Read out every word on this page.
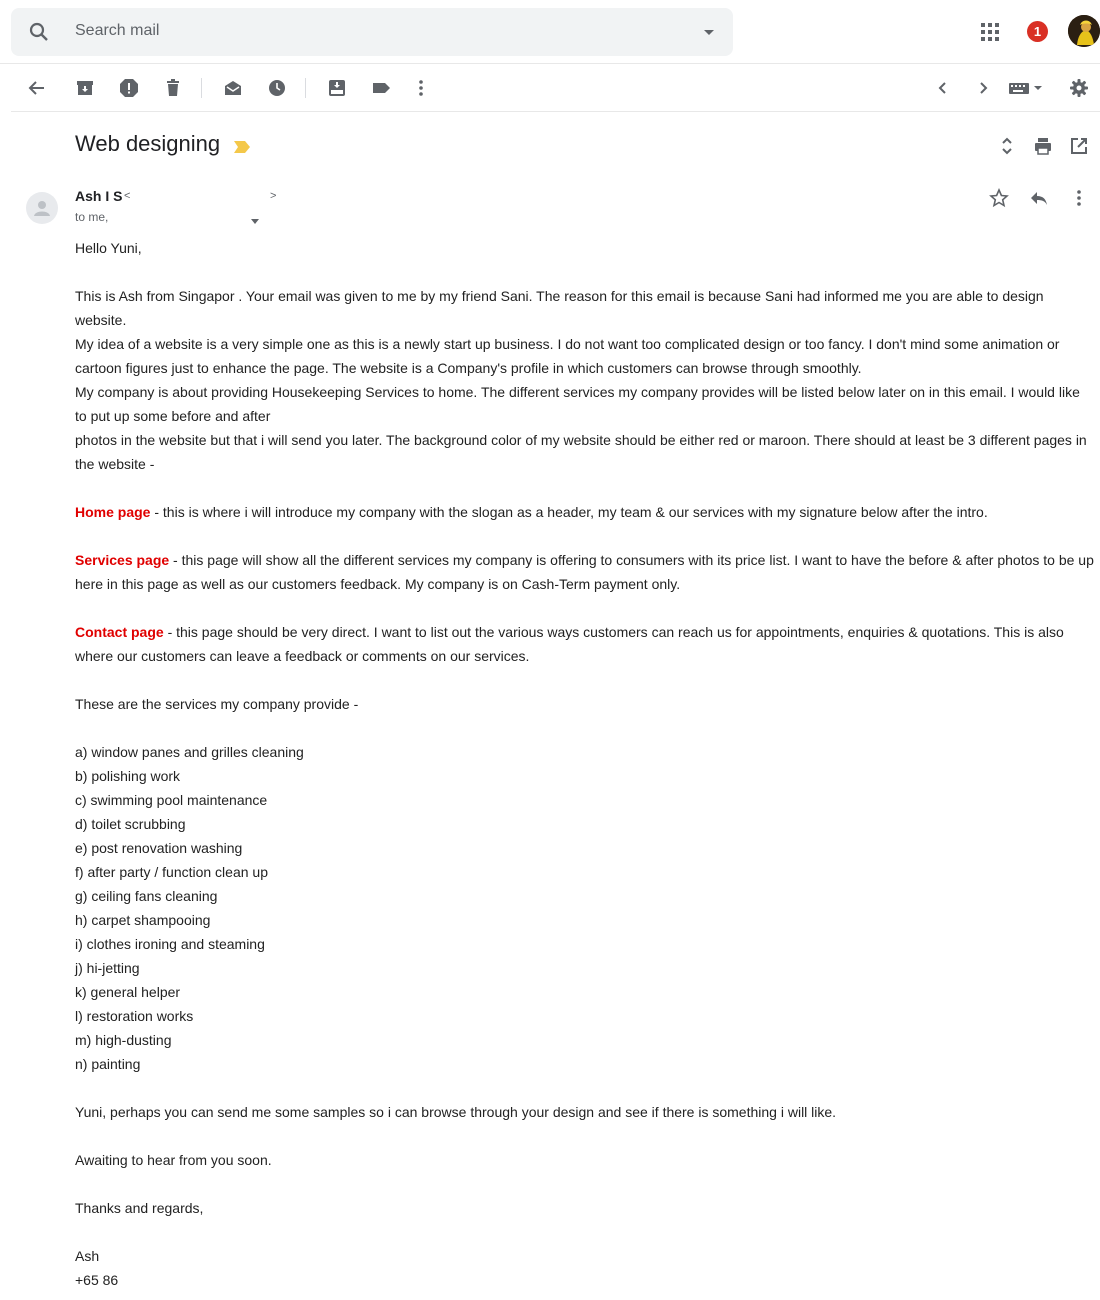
Search mail	1
Web designing
Ash I S <	>
to me,

Hello Yuni,

This is Ash from Singapor . Your email was given to me by my friend Sani. The reason for this email is because Sani had informed me you are able to design website.

My idea of a website is a very simple one as this is a newly start up business. I do not want too complicated design or too fancy. I don't mind some animation or cartoon figures just to enhance the page. The website is a Company's profile in which customers can browse through smoothly.

My company is about providing Housekeeping Services to home. The different services my company provides will be listed below later on in this email. I would like to put up some before and after

photos in the website but that i will send you later. The background color of my website should be either red or maroon. There should at least be 3 different pages in the website -

Home page - this is where i will introduce my company with the slogan as a header, my team & our services with my signature below after the intro.

Services page - this page will show all the different services my company is offering to consumers with its price list. I want to have the before & after photos to be up here in this page as well as our customers feedback. My company is on Cash-Term payment only.

Contact page - this page should be very direct. I want to list out the various ways customers can reach us for appointments, enquiries & quotations. This is also where our customers can leave a feedback or comments on our services.

These are the services my company provide -

a) window panes and grilles cleaning

b) polishing work

c) swimming pool maintenance

d) toilet scrubbing

e) post renovation washing

f) after party / function clean up

g) ceiling fans cleaning

h) carpet shampooing

i) clothes ironing and steaming

j) hi-jetting

k) general helper

l) restoration works

m) high-dusting

n) painting

Yuni, perhaps you can send me some samples so i can browse through your design and see if there is something i will like.

Awaiting to hear from you soon.

Thanks and regards,

Ash

+65 86
